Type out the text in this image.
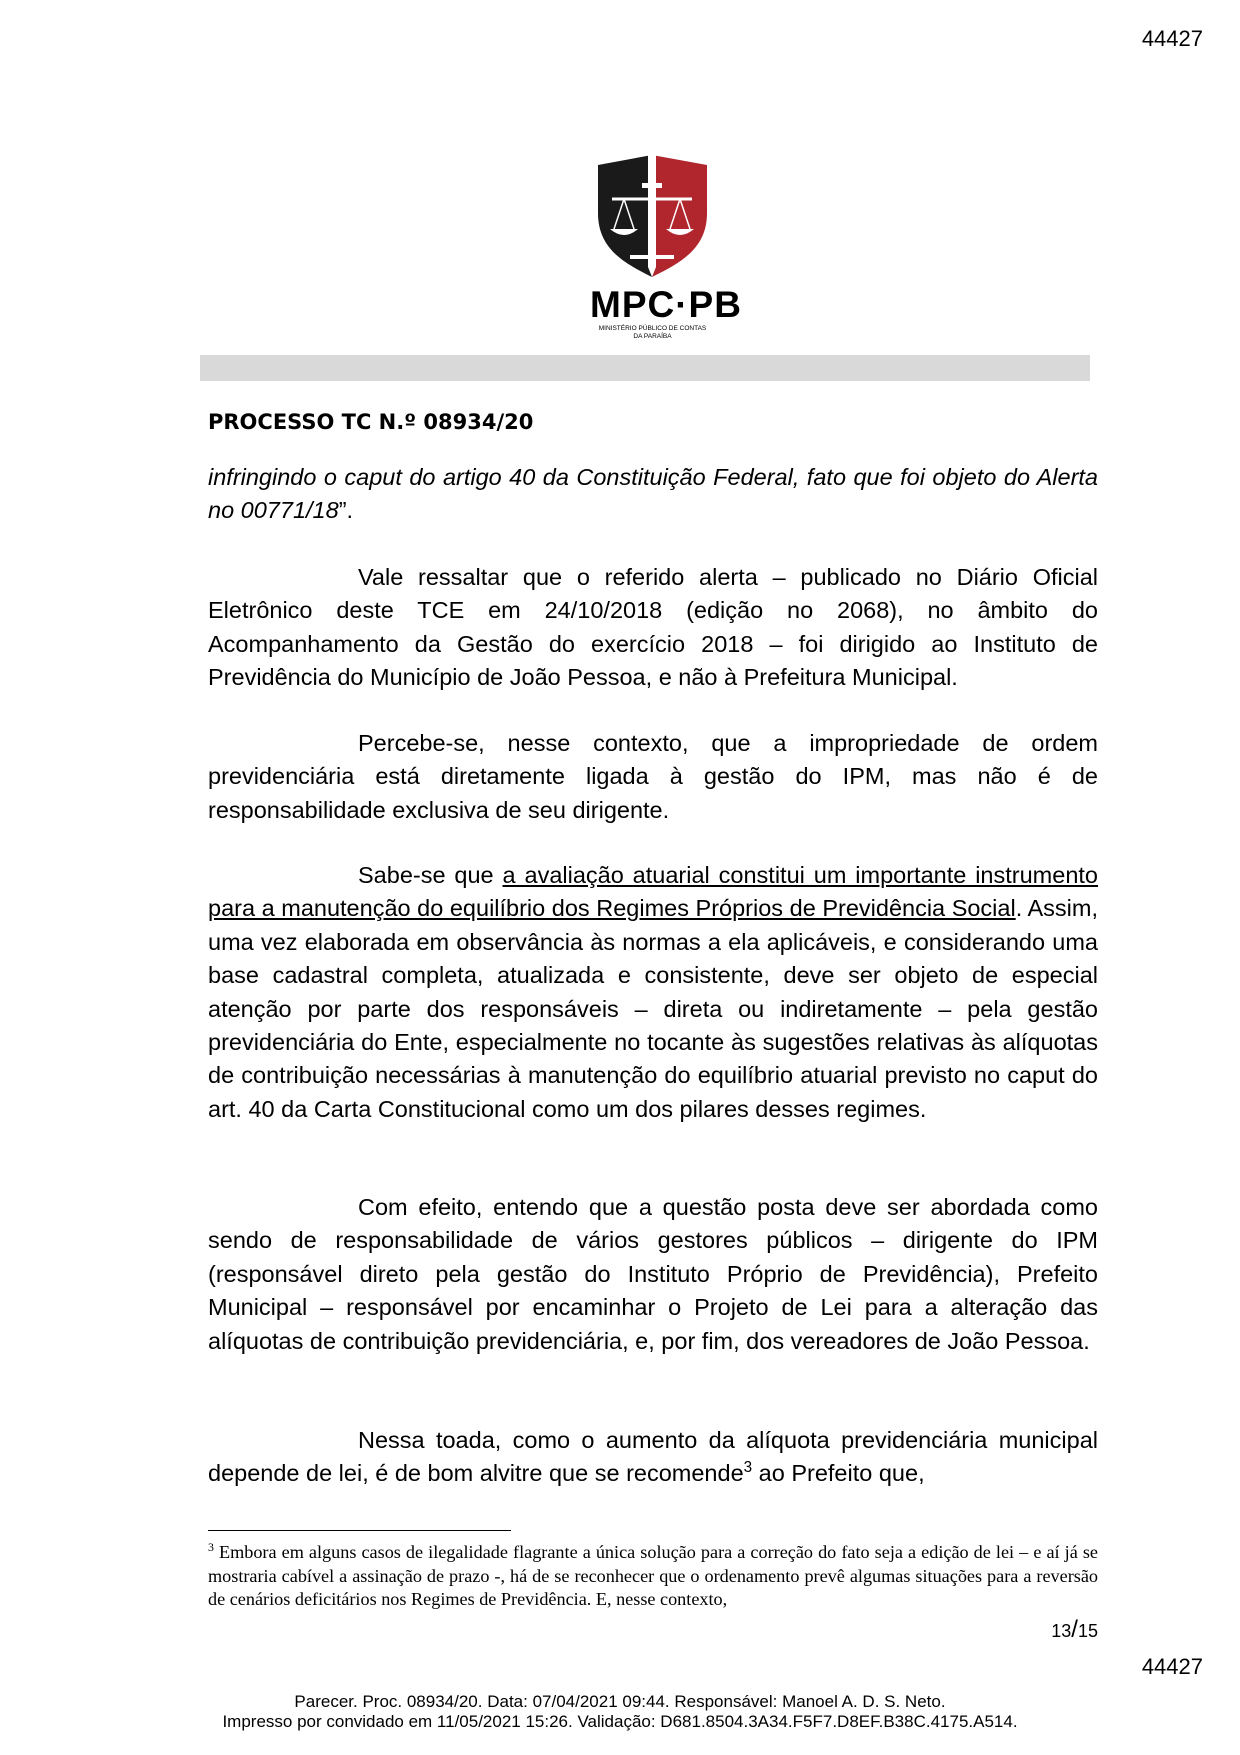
44427
MPC·PB
MINISTÉRIO PÚBLICO DE CONTAS
DA PARAÍBA
PROCESSO TC N.º 08934/20

infringindo o caput do artigo 40 da Constituição Federal, fato que foi objeto do Alerta no 00771/18”.

Vale ressaltar que o referido alerta – publicado no Diário Oficial Eletrônico deste TCE em 24/10/2018 (edição no 2068), no âmbito do Acompanhamento da Gestão do exercício 2018 – foi dirigido ao Instituto de Previdência do Município de João Pessoa, e não à Prefeitura Municipal.

Percebe-se, nesse contexto, que a impropriedade de ordem previdenciária está diretamente ligada à gestão do IPM, mas não é de responsabilidade exclusiva de seu dirigente.

Sabe-se que a avaliação atuarial constitui um importante instrumento para a manutenção do equilíbrio dos Regimes Próprios de Previdência Social. Assim, uma vez elaborada em observância às normas a ela aplicáveis, e considerando uma base cadastral completa, atualizada e consistente, deve ser objeto de especial atenção por parte dos responsáveis – direta ou indiretamente – pela gestão previdenciária do Ente, especialmente no tocante às sugestões relativas às alíquotas de contribuição necessárias à manutenção do equilíbrio atuarial previsto no caput do art. 40 da Carta Constitucional como um dos pilares desses regimes.

Com efeito, entendo que a questão posta deve ser abordada como sendo de responsabilidade de vários gestores públicos – dirigente do IPM (responsável direto pela gestão do Instituto Próprio de Previdência), Prefeito Municipal – responsável por encaminhar o Projeto de Lei para a alteração das alíquotas de contribuição previdenciária, e, por fim, dos vereadores de João Pessoa.

Nessa toada, como o aumento da alíquota previdenciária municipal depende de lei, é de bom alvitre que se recomende$^3$ ao Prefeito que,

$^3$ Embora em alguns casos de ilegalidade flagrante a única solução para a correção do fato seja a edição de lei – e aí já se mostraria cabível a assinação de prazo -, há de se reconhecer que o ordenamento prevê algumas situações para a reversão de cenários deficitários nos Regimes de Previdência. E, nesse contexto,
13/15
44427
Parecer. Proc. 08934/20. Data: 07/04/2021 09:44. Responsável: Manoel A. D. S. Neto.
Impresso por convidado em 11/05/2021 15:26. Validação: D681.8504.3A34.F5F7.D8EF.B38C.4175.A514.
